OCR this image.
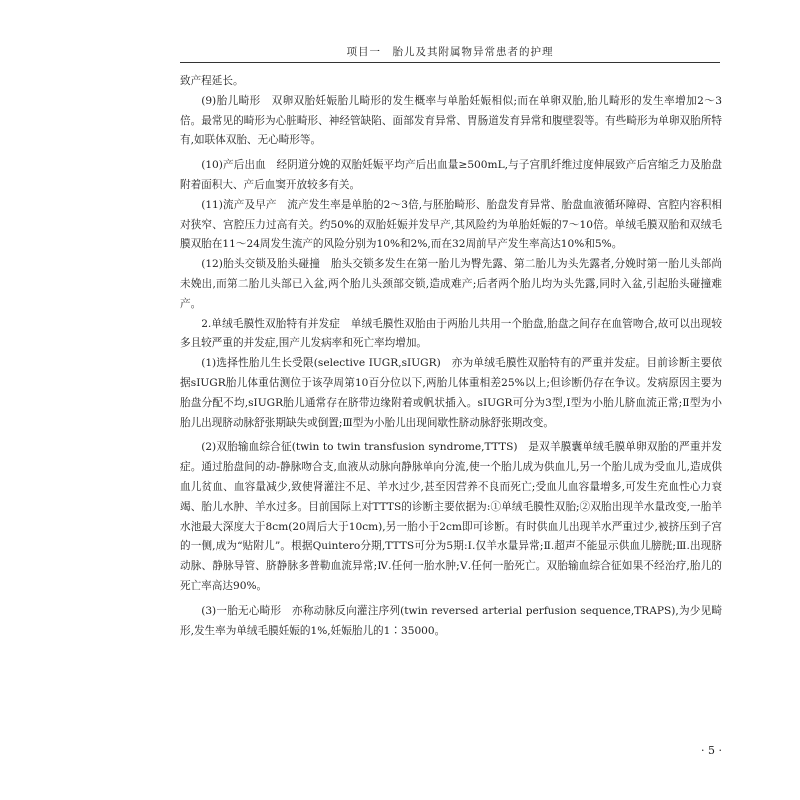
项目一　胎儿及其附属物异常患者的护理

致产程延长。

(9)胎儿畸形　双卵双胎妊娠胎儿畸形的发生概率与单胎妊娠相似;而在单卵双胎,胎儿畸形的发生率增加2～3倍。最常见的畸形为心脏畸形、神经管缺陷、面部发育异常、胃肠道发育异常和腹壁裂等。有些畸形为单卵双胎所特有,如联体双胎、无心畸形等。

(10)产后出血　经阴道分娩的双胎妊娠平均产后出血量≥500mL,与子宫肌纤维过度伸展致产后宫缩乏力及胎盘附着面积大、产后血窦开放较多有关。

(11)流产及早产　流产发生率是单胎的2～3倍,与胚胎畸形、胎盘发育异常、胎盘血液循环障碍、宫腔内容积相对狭窄、宫腔压力过高有关。约50%的双胎妊娠并发早产,其风险约为单胎妊娠的7～10倍。单绒毛膜双胎和双绒毛膜双胎在11～24周发生流产的风险分别为10%和2%,而在32周前早产发生率高达10%和5%。

(12)胎头交锁及胎头碰撞　胎头交锁多发生在第一胎儿为臀先露、第二胎儿为头先露者,分娩时第一胎儿头部尚未娩出,而第二胎儿头部已入盆,两个胎儿头颈部交锁,造成难产;后者两个胎儿均为头先露,同时入盆,引起胎头碰撞难产。

2.单绒毛膜性双胎特有并发症　单绒毛膜性双胎由于两胎儿共用一个胎盘,胎盘之间存在血管吻合,故可以出现较多且较严重的并发症,围产儿发病率和死亡率均增加。

(1)选择性胎儿生长受限(selective IUGR,sIUGR)　亦为单绒毛膜性双胎特有的严重并发症。目前诊断主要依据sIUGR胎儿体重估测位于该孕周第10百分位以下,两胎儿体重相差25%以上;但诊断仍存在争议。发病原因主要为胎盘分配不均,sIUGR胎儿通常存在脐带边缘附着或帆状插入。sIUGR可分为3型,Ⅰ型为小胎儿脐血流正常;Ⅱ型为小胎儿出现脐动脉舒张期缺失或倒置;Ⅲ型为小胎儿出现间歇性脐动脉舒张期改变。

(2)双胎输血综合征(twin to twin transfusion syndrome,TTTS)　是双羊膜囊单绒毛膜单卵双胎的严重并发症。通过胎盘间的动-静脉吻合支,血液从动脉向静脉单向分流,使一个胎儿成为供血儿,另一个胎儿成为受血儿,造成供血儿贫血、血容量减少,致使肾灌注不足、羊水过少,甚至因营养不良而死亡;受血儿血容量增多,可发生充血性心力衰竭、胎儿水肿、羊水过多。目前国际上对TTTS的诊断主要依据为:①单绒毛膜性双胎;②双胎出现羊水量改变,一胎羊水池最大深度大于8cm(20周后大于10cm),另一胎小于2cm即可诊断。有时供血儿出现羊水严重过少,被挤压到子宫的一侧,成为“贴附儿”。根据Quintero分期,TTTS可分为5期:Ⅰ.仅羊水量异常;Ⅱ.超声不能显示供血儿膀胱;Ⅲ.出现脐动脉、静脉导管、脐静脉多普勒血流异常;Ⅳ.任何一胎水肿;Ⅴ.任何一胎死亡。双胎输血综合征如果不经治疗,胎儿的死亡率高达90%。

(3)一胎无心畸形　亦称动脉反向灌注序列(twin reversed arterial perfusion sequence,TRAPS),为少见畸形,发生率为单绒毛膜妊娠的1%,妊娠胎儿的1∶35000。

· 5 ·
